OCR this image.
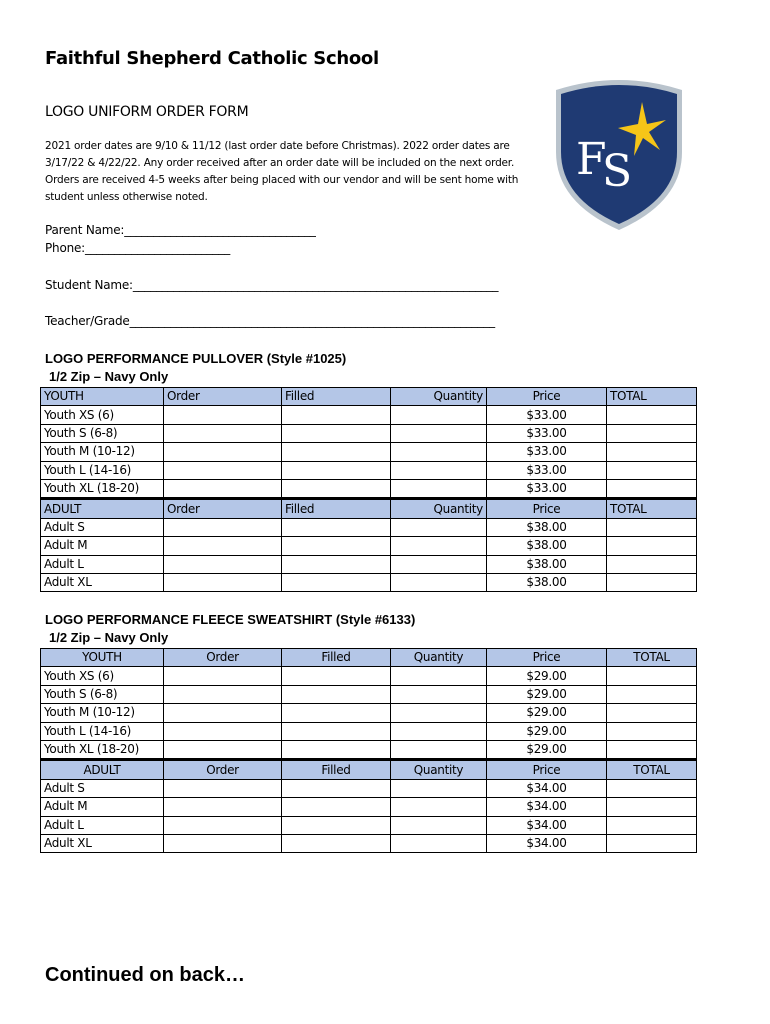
Faithful Shepherd Catholic School
LOGO UNIFORM ORDER FORM
2021 order dates are 9/10 & 11/12 (last order date before Christmas). 2022 order dates are 3/17/22 & 4/22/22. Any order received after an order date will be included on the next order. Orders are received 4-5 weeks after being placed with our vendor and will be sent home with student unless otherwise noted.
F
S
Parent Name:_________________________________
Phone:_________________________
Student Name:_______________________________________________________________
Teacher/Grade_______________________________________________________________
LOGO PERFORMANCE PULLOVER (Style #1025)
1/2 Zip – Navy Only
YOUTH	Order	Filled	Quantity	Price	TOTAL
Youth XS (6)				$33.00	
Youth S (6-8)				$33.00	
Youth M (10-12)				$33.00	
Youth L (14-16)				$33.00	
Youth XL (18-20)				$33.00	
ADULT	Order	Filled	Quantity	Price	TOTAL
Adult S				$38.00	
Adult M				$38.00	
Adult L				$38.00	
Adult XL				$38.00	
LOGO PERFORMANCE FLEECE SWEATSHIRT (Style #6133)
1/2 Zip – Navy Only
YOUTH	Order	Filled	Quantity	Price	TOTAL
Youth XS (6)				$29.00	
Youth S (6-8)				$29.00	
Youth M (10-12)				$29.00	
Youth L (14-16)				$29.00	
Youth XL (18-20)				$29.00	
ADULT	Order	Filled	Quantity	Price	TOTAL
Adult S				$34.00	
Adult M				$34.00	
Adult L				$34.00	
Adult XL				$34.00	
Continued on back…
